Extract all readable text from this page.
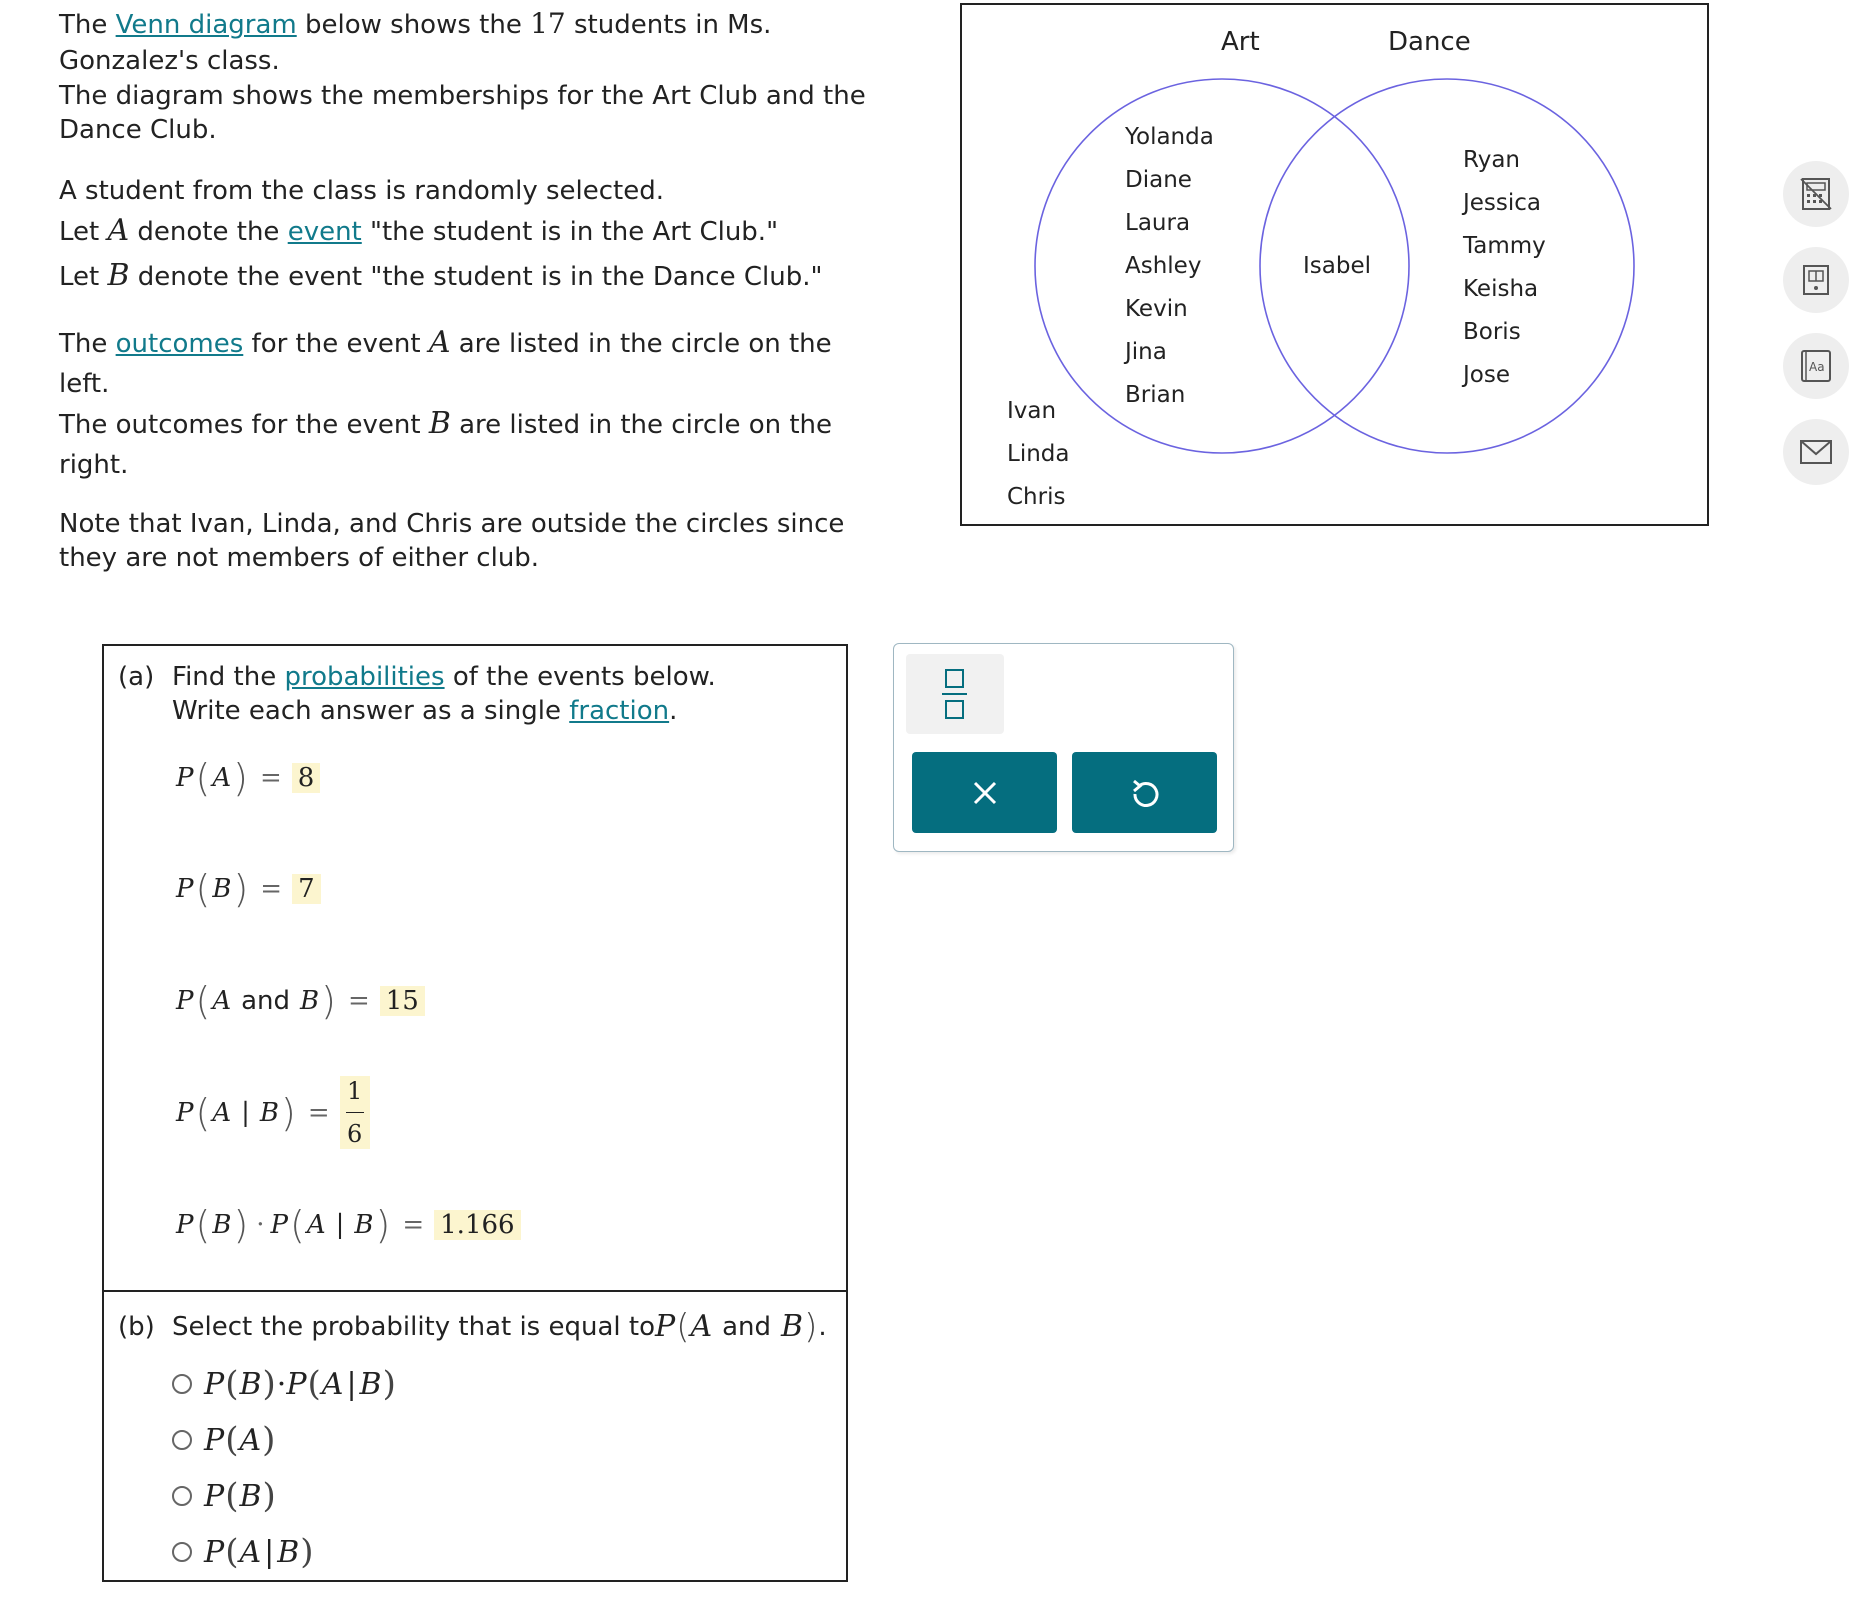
The Venn diagram below shows the 17 students in Ms.

Gonzalez's class.

The diagram shows the memberships for the Art Club and the

Dance Club.

A student from the class is randomly selected.

Let A denote the event "the student is in the Art Club."

Let B denote the event "the student is in the Dance Club."

The outcomes for the event A are listed in the circle on the

left.

The outcomes for the event B are listed in the circle on the

right.

Note that Ivan, Linda, and Chris are outside the circles since

they are not members of either club.

Art	Dance
Yolanda
Diane
Laura
Ashley
Kevin
Jina
Brian
Isabel
Ryan
Jessica
Tammy
Keisha
Boris
Jose
Ivan
Linda
Chris
(a) Find the probabilities of the events below.
Write each answer as a single fraction.
P ( A ) = 8
P ( B ) = 7
P ( A and B ) = 15
P ( A | B ) = $\frac{1}{6}$
P ( B ) · P ( A | B ) = 1.166
(b) Select the probability that is equal to P ( A and B ) .
P ( B ) · P ( A | B )
P ( A )
P ( B )
P ( A | B )
Aa
